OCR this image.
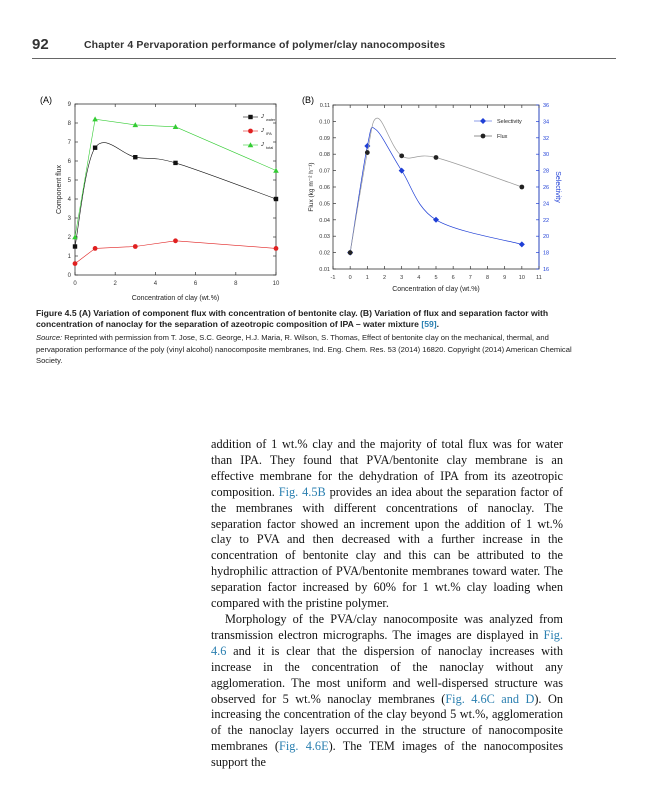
92	Chapter 4 Pervaporation performance of polymer/clay nanocomposites
(A)	(B)
0	2	4	6	8	10
0
1
2
3
4
5
6
7
8
9
Concentration of clay (wt.%)
Component flux
J water
J IPA
J total
-1 0	1	2	3	4	5	6	7	8	9 10 11
0.01
0.02
0.03
0.04
0.05
0.06
0.07
0.08
0.09
0.10
0.11
16
18
20
22
24
26
28
30
32
34
36
Concentration of clay (wt.%)
Flux (kg m⁻² h⁻¹)	Selectivity
Selectivity
Flux
Figure 4.5 (A) Variation of component flux with concentration of bentonite clay. (B) Variation of flux and separation factor with concentration of nanoclay for the separation of azeotropic composition of IPA – water mixture [59].
Source: Reprinted with permission from T. Jose, S.C. George, H.J. Maria, R. Wilson, S. Thomas, Effect of bentonite clay on the mechanical, thermal, and pervaporation performance of the poly (vinyl alcohol) nanocomposite membranes, Ind. Eng. Chem. Res. 53 (2014) 16820. Copyright (2014) American Chemical Society.

addition of 1 wt.% clay and the majority of total flux was for water than IPA. They found that PVA/bentonite clay membrane is an effective membrane for the dehydration of IPA from its azeotropic composition. Fig. 4.5B provides an idea about the separation factor of the membranes with different concentrations of nanoclay. The separation factor showed an increment upon the addition of 1 wt.% clay to PVA and then decreased with a further increase in the concentration of bentonite clay and this can be attributed to the hydrophilic attraction of PVA/bentonite membranes toward water. The separation factor increased by 60% for 1 wt.% clay loading when compared with the pristine polymer.

Morphology of the PVA/clay nanocomposite was analyzed from transmission electron micrographs. The images are displayed in Fig. 4.6 and it is clear that the dispersion of nanoclay increases with increase in the concentration of the nanoclay without any agglomeration. The most uniform and well-dispersed structure was observed for 5 wt.% nanoclay membranes (Fig. 4.6C and D). On increasing the concentration of the clay beyond 5 wt.%, agglomeration of the nanoclay layers occurred in the structure of nanocomposite membranes (Fig. 4.6E). The TEM images of the nanocomposites support the
